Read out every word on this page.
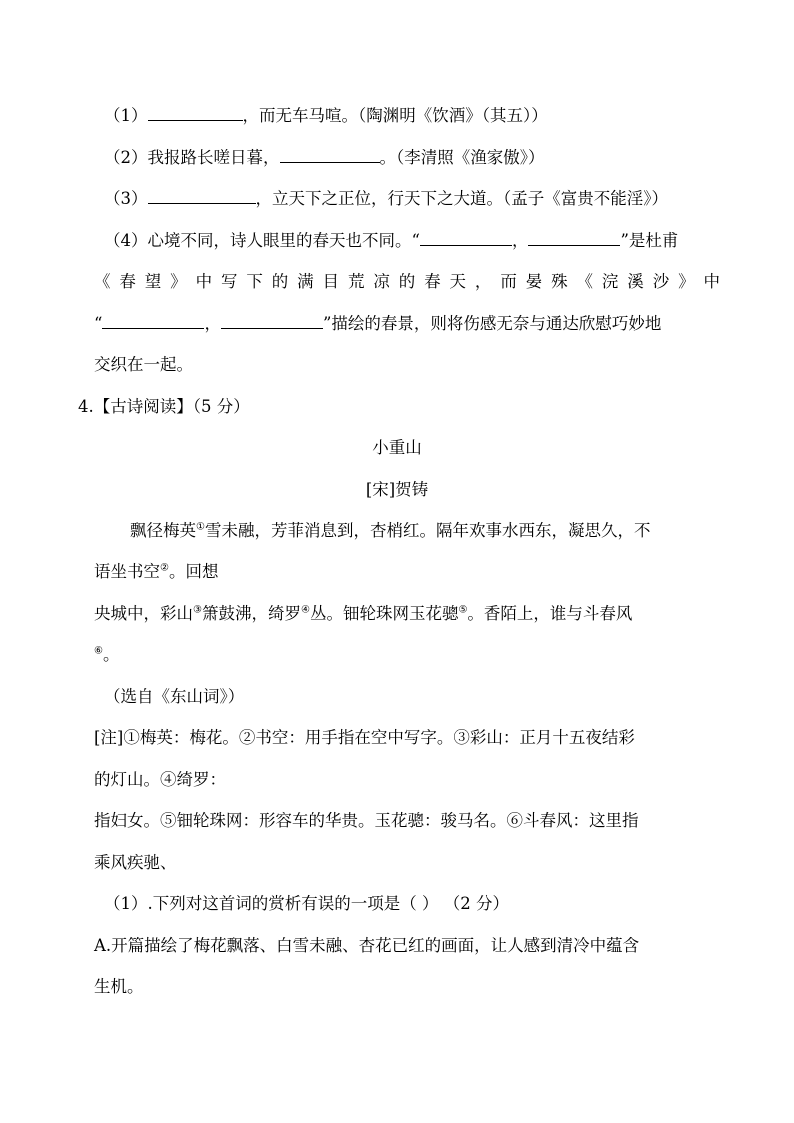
（1）	，而无车马喧。（陶渊明《饮酒》（其五））
（2）我报路长嗟日暮，	。（李清照《渔家傲》）
（3）	，立天下之正位，行天下之大道。（孟子《富贵不能淫》）
（4）心境不同，诗人眼里的春天也不同。“	，	”是杜甫
《春望》中写下的满目荒凉的春天，而晏殊《浣溪沙》中
“	，	”描绘的春景，则将伤感无奈与通达欣慰巧妙地
交织在一起。
4.【古诗阅读】（5 分）
小重山
[宋]贺铸
飘径梅英①雪未融，芳菲消息到，杏梢红。隔年欢事水西东，凝思久，不
语坐书空②。回想
央城中，彩山③箫鼓沸，绮罗④丛。钿轮珠网玉花骢⑤。香陌上，谁与斗春风
⑥。
（选自《东山词》）
[注]①梅英：梅花。②书空：用手指在空中写字。③彩山：正月十五夜结彩
的灯山。④绮罗：
指妇女。⑤钿轮珠网：形容车的华贵。玉花骢：骏马名。⑥斗春风：这里指
乘风疾驰、
（1）.下列对这首词的赏析有误的一项是（ ） （2 分）
A.开篇描绘了梅花飘落、白雪未融、杏花已红的画面，让人感到清冷中蕴含
生机。
